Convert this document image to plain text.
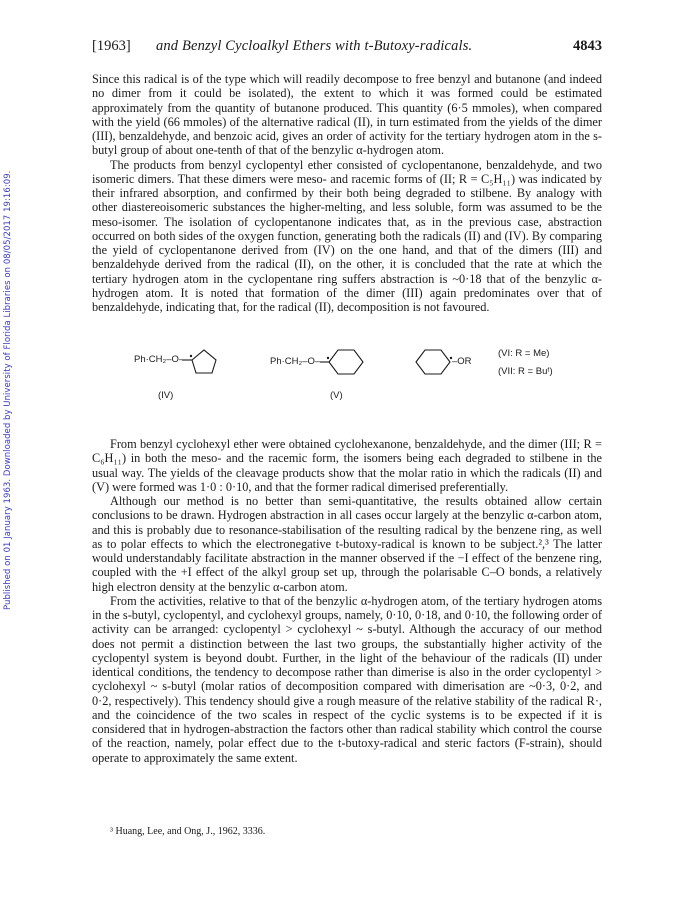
Published on 01 January 1963. Downloaded by University of Florida Libraries on 08/05/2017 19:16:09.
[1963] and Benzyl Cycloalkyl Ethers with t-Butoxy-radicals.	4843

Since this radical is of the type which will readily decompose to free benzyl and butanone (and indeed no dimer from it could be isolated), the extent to which it was formed could be estimated approximately from the quantity of butanone produced. This quantity (6·5 mmoles), when compared with the yield (66 mmoles) of the alternative radical (II), in turn estimated from the yields of the dimer (III), benzaldehyde, and benzoic acid, gives an order of activity for the tertiary hydrogen atom in the s-butyl group of about one-tenth of that of the benzylic α-hydrogen atom.

The products from benzyl cyclopentyl ether consisted of cyclopentanone, benzaldehyde, and two isomeric dimers. That these dimers were meso- and racemic forms of (II; R = C₅H₁₁) was indicated by their infrared absorption, and confirmed by their both being degraded to stilbene. By analogy with other diastereoisomeric substances the higher-melting, and less soluble, form was assumed to be the meso-isomer. The isolation of cyclopentanone indicates that, as in the previous case, abstraction occurred on both sides of the oxygen function, generating both the radicals (II) and (IV). By comparing the yield of cyclopentanone derived from (IV) on the one hand, and that of the dimers (III) and benzaldehyde derived from the radical (II), on the other, it is concluded that the rate at which the tertiary hydrogen atom in the cyclopentane ring suffers abstraction is ~0·18 that of the benzylic α-hydrogen atom. It is noted that formation of the dimer (III) again predominates over that of benzaldehyde, indicating that, for the radical (II), decomposition is not favoured.

Ph·CH₂–O–
(IV)
Ph·CH₂–O–
(V)
–OR
(VI: R = Me)
(VII: R = Buᵗ)

From benzyl cyclohexyl ether were obtained cyclohexanone, benzaldehyde, and the dimer (III; R = C₆H₁₁) in both the meso- and the racemic form, the isomers being each degraded to stilbene in the usual way. The yields of the cleavage products show that the molar ratio in which the radicals (II) and (V) were formed was 1·0 : 0·10, and that the former radical dimerised preferentially.

Although our method is no better than semi-quantitative, the results obtained allow certain conclusions to be drawn. Hydrogen abstraction in all cases occur largely at the benzylic α-carbon atom, and this is probably due to resonance-stabilisation of the resulting radical by the benzene ring, as well as to polar effects to which the electronegative t-butoxy-radical is known to be subject.²,³ The latter would understandably facilitate abstraction in the manner observed if the −I effect of the benzene ring, coupled with the +I effect of the alkyl group set up, through the polarisable C–O bonds, a relatively high electron density at the benzylic α-carbon atom.

From the activities, relative to that of the benzylic α-hydrogen atom, of the tertiary hydrogen atoms in the s-butyl, cyclopentyl, and cyclohexyl groups, namely, 0·10, 0·18, and 0·10, the following order of activity can be arranged: cyclopentyl > cyclohexyl ~ s-butyl. Although the accuracy of our method does not permit a distinction between the last two groups, the substantially higher activity of the cyclopentyl system is beyond doubt. Further, in the light of the behaviour of the radicals (II) under identical conditions, the tendency to decompose rather than dimerise is also in the order cyclopentyl > cyclohexyl ~ s-butyl (molar ratios of decomposition compared with dimerisation are ~0·3, 0·2, and 0·2, respectively). This tendency should give a rough measure of the relative stability of the radical R·, and the coincidence of the two scales in respect of the cyclic systems is to be expected if it is considered that in hydrogen-abstraction the factors other than radical stability which control the course of the reaction, namely, polar effect due to the t-butoxy-radical and steric factors (F-strain), should operate to approximately the same extent.

³ Huang, Lee, and Ong, J., 1962, 3336.
